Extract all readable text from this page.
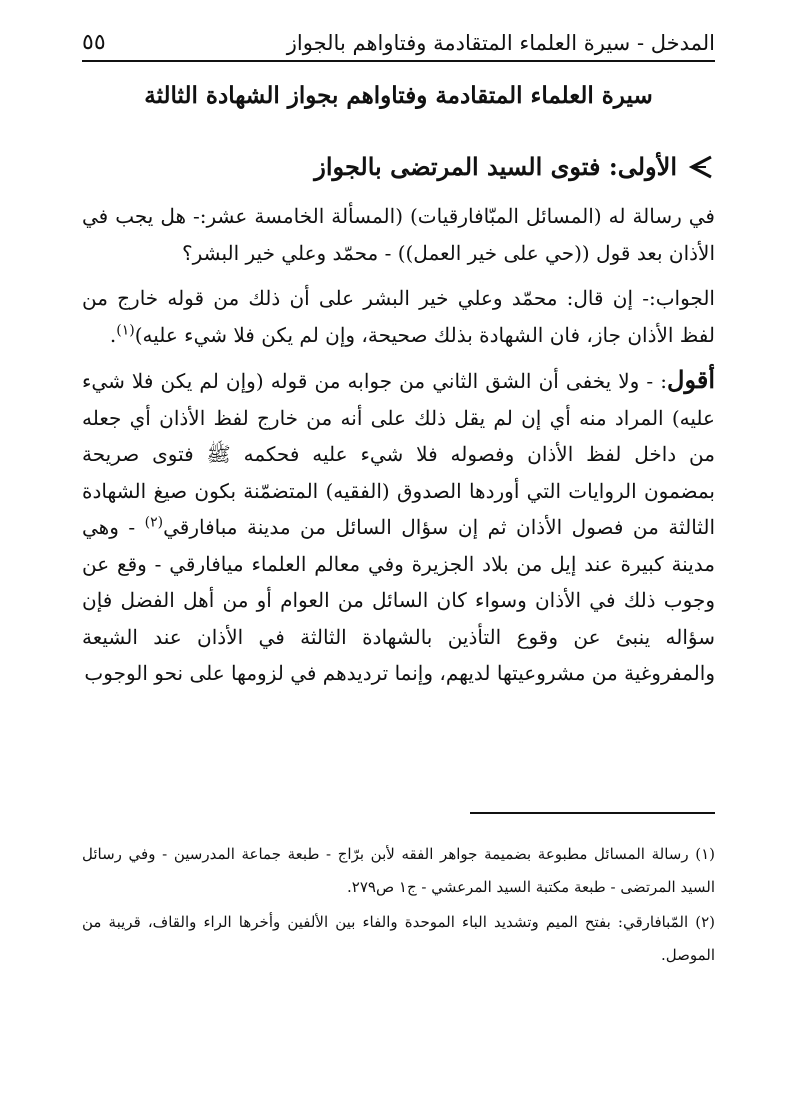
المدخل - سيرة العلماء المتقادمة وفتاواهم بالجواز
٥٥
سيرة العلماء المتقادمة وفتاواهم بجواز الشهادة الثالثة
الأولى: فتوى السيد المرتضى بالجواز

في رسالة له (المسائل المبّافارقيات) (المسألة الخامسة عشر:- هل يجب في الأذان بعد قول ((حي على خير العمل)) - محمّد وعلي خير البشر؟

الجواب:- إن قال: محمّد وعلي خير البشر على أن ذلك من قوله خارج من لفظ الأذان جاز، فان الشهادة بذلك صحيحة، وإن لم يكن فلا شيء عليه)$^{(١)}$.

أقول: - ولا يخفى أن الشق الثاني من جوابه من قوله (وإن لم يكن فلا شيء عليه) المراد منه أي إن لم يقل ذلك على أنه من خارج لفظ الأذان أي جعله من داخل لفظ الأذان وفصوله فلا شيء عليه فحكمه ﷺ فتوى صريحة بمضمون الروايات التي أوردها الصدوق (الفقيه) المتضمّنة بكون صيغ الشهادة الثالثة من فصول الأذان ثم إن سؤال السائل من مدينة مبافارقي$^{(٢)}$ - وهي مدينة كبيرة عند إيل من بلاد الجزيرة وفي معالم العلماء ميافارقي - وقع عن وجوب ذلك في الأذان وسواء كان السائل من العوام أو من أهل الفضل فإن سؤاله ينبئ عن وقوع التأذين بالشهادة الثالثة في الأذان عند الشيعة والمفروغية من مشروعيتها لديهم، وإنما ترديدهم في لزومها على نحو الوجوب

(١) رسالة المسائل مطبوعة بضميمة جواهر الفقه لأبن برّاج - طبعة جماعة المدرسين - وفي رسائل السيد المرتضى - طبعة مكتبة السيد المرعشي - ج١ ص٢٧٩.

(٢) المّبافارقي: بفتح الميم وتشديد الباء الموحدة والفاء بين الألفين وأخرها الراء والقاف، قريبة من الموصل.
